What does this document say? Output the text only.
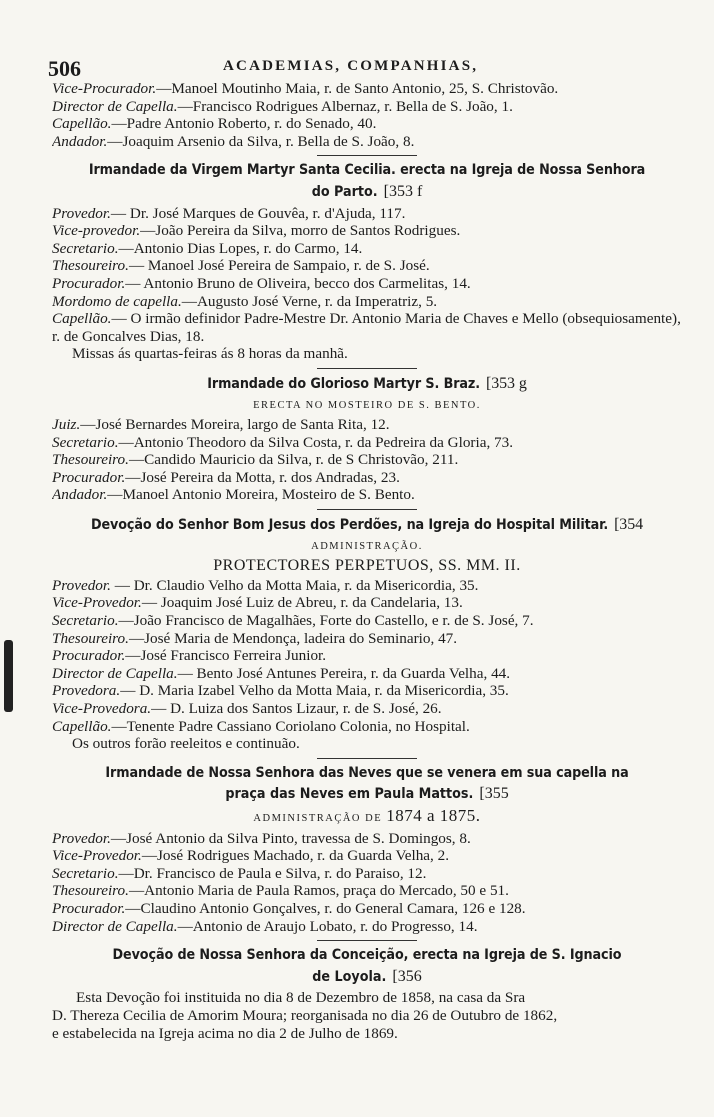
506	ACADEMIAS, COMPANHIAS,
Vice-Procurador.—Manoel Moutinho Maia, r. de Santo Antonio, 25, S. Christovão.
Director de Capella.—Francisco Rodrigues Albernaz, r. Bella de S. João, 1.
Capellão.—Padre Antonio Roberto, r. do Senado, 40.
Andador.—Joaquim Arsenio da Silva, r. Bella de S. João, 8.
Irmandade da Virgem Martyr Santa Cecilia. erecta na Igreja de Nossa Senhora
do Parto. [353 f
Provedor.— Dr. José Marques de Gouvêa, r. d'Ajuda, 117.
Vice-provedor.—João Pereira da Silva, morro de Santos Rodrigues.
Secretario.—Antonio Dias Lopes, r. do Carmo, 14.
Thesoureiro.— Manoel José Pereira de Sampaio, r. de S. José.
Procurador.— Antonio Bruno de Oliveira, becco dos Carmelitas, 14.
Mordomo de capella.—Augusto José Verne, r. da Imperatriz, 5.
Capellão.— O irmão definidor Padre-Mestre Dr. Antonio Maria de Chaves e Mello (obsequiosamente), r. de Goncalves Dias, 18.
Missas ás quartas-feiras ás 8 horas da manhã.
Irmandade do Glorioso Martyr S. Braz. [353 g
ERECTA NO MOSTEIRO DE S. BENTO.
Juiz.—José Bernardes Moreira, largo de Santa Rita, 12.
Secretario.—Antonio Theodoro da Silva Costa, r. da Pedreira da Gloria, 73.
Thesoureiro.—Candido Mauricio da Silva, r. de S Christovão, 211.
Procurador.—José Pereira da Motta, r. dos Andradas, 23.
Andador.—Manoel Antonio Moreira, Mosteiro de S. Bento.
Devoção do Senhor Bom Jesus dos Perdões, na Igreja do Hospital Militar. [354
ADMINISTRAÇÃO.
PROTECTORES PERPETUOS, SS. MM. II.
Provedor. — Dr. Claudio Velho da Motta Maia, r. da Misericordia, 35.
Vice-Provedor.— Joaquim José Luiz de Abreu, r. da Candelaria, 13.
Secretario.—João Francisco de Magalhães, Forte do Castello, e r. de S. José, 7.
Thesoureiro.—José Maria de Mendonça, ladeira do Seminario, 47.
Procurador.—José Francisco Ferreira Junior.
Director de Capella.— Bento José Antunes Pereira, r. da Guarda Velha, 44.
Provedora.— D. Maria Izabel Velho da Motta Maia, r. da Misericordia, 35.
Vice-Provedora.— D. Luiza dos Santos Lizaur, r. de S. José, 26.
Capellão.—Tenente Padre Cassiano Coriolano Colonia, no Hospital.
Os outros forão reeleitos e continuão.
Irmandade de Nossa Senhora das Neves que se venera em sua capella na
praça das Neves em Paula Mattos. [355
ADMINISTRAÇÃO DE 1874 a 1875.
Provedor.—José Antonio da Silva Pinto, travessa de S. Domingos, 8.
Vice-Provedor.—José Rodrigues Machado, r. da Guarda Velha, 2.
Secretario.—Dr. Francisco de Paula e Silva, r. do Paraiso, 12.
Thesoureiro.—Antonio Maria de Paula Ramos, praça do Mercado, 50 e 51.
Procurador.—Claudino Antonio Gonçalves, r. do General Camara, 126 e 128.
Director de Capella.—Antonio de Araujo Lobato, r. do Progresso, 14.
Devoção de Nossa Senhora da Conceição, erecta na Igreja de S. Ignacio
de Loyola. [356
Esta Devoção foi instituida no dia 8 de Dezembro de 1858, na casa da Sra
D. Thereza Cecilia de Amorim Moura; reorganisada no dia 26 de Outubro de 1862,
e estabelecida na Igreja acima no dia 2 de Julho de 1869.
